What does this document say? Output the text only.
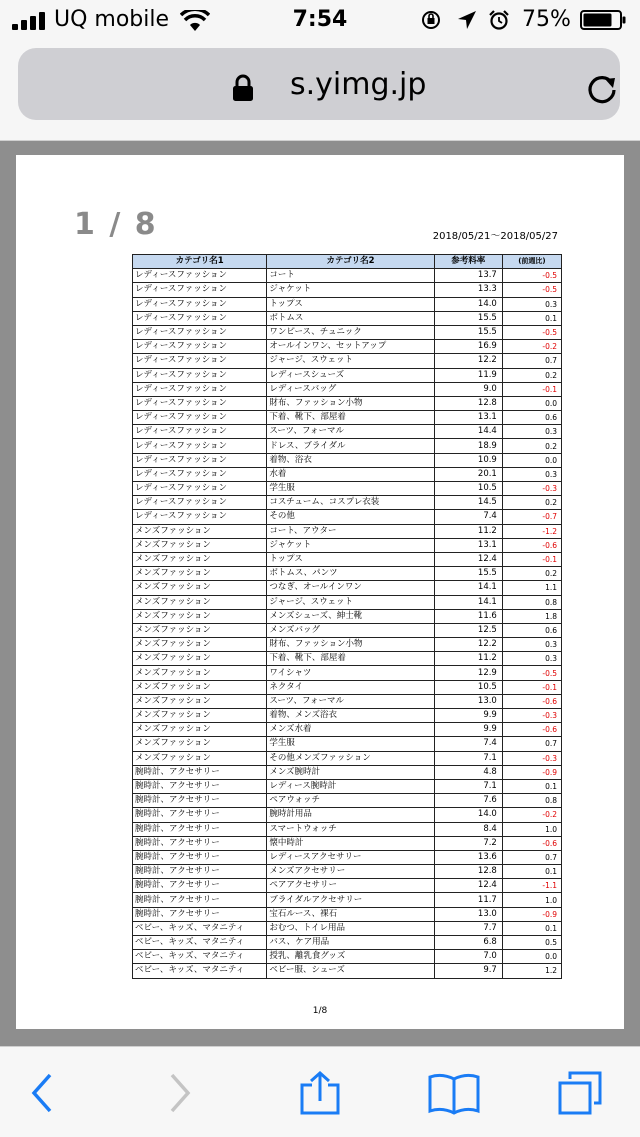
UQ mobile	7:54	75%
s.yimg.jp
1 / 8	2018/05/21～2018/05/27
カテゴリ名1	カテゴリ名2	参考料率	(前週比)
レディースファッション	コート	13.7	-0.5
レディースファッション	ジャケット	13.3	-0.5
レディースファッション	トップス	14.0	0.3
レディースファッション	ボトムス	15.5	0.1
レディースファッション	ワンピース、チュニック	15.5	-0.5
レディースファッション	オールインワン、セットアップ	16.9	-0.2
レディースファッション	ジャージ、スウェット	12.2	0.7
レディースファッション	レディースシューズ	11.9	0.2
レディースファッション	レディースバッグ	9.0	-0.1
レディースファッション	財布、ファッション小物	12.8	0.0
レディースファッション	下着、靴下、部屋着	13.1	0.6
レディースファッション	スーツ、フォーマル	14.4	0.3
レディースファッション	ドレス、ブライダル	18.9	0.2
レディースファッション	着物、浴衣	10.9	0.0
レディースファッション	水着	20.1	0.3
レディースファッション	学生服	10.5	-0.3
レディースファッション	コスチューム、コスプレ衣装	14.5	0.2
レディースファッション	その他	7.4	-0.7
メンズファッション	コート、アウター	11.2	-1.2
メンズファッション	ジャケット	13.1	-0.6
メンズファッション	トップス	12.4	-0.1
メンズファッション	ボトムス、パンツ	15.5	0.2
メンズファッション	つなぎ、オールインワン	14.1	1.1
メンズファッション	ジャージ、スウェット	14.1	0.8
メンズファッション	メンズシューズ、紳士靴	11.6	1.8
メンズファッション	メンズバッグ	12.5	0.6
メンズファッション	財布、ファッション小物	12.2	0.3
メンズファッション	下着、靴下、部屋着	11.2	0.3
メンズファッション	ワイシャツ	12.9	-0.5
メンズファッション	ネクタイ	10.5	-0.1
メンズファッション	スーツ、フォーマル	13.0	-0.6
メンズファッション	着物、メンズ浴衣	9.9	-0.3
メンズファッション	メンズ水着	9.9	-0.6
メンズファッション	学生服	7.4	0.7
メンズファッション	その他メンズファッション	7.1	-0.3
腕時計、アクセサリー	メンズ腕時計	4.8	-0.9
腕時計、アクセサリー	レディース腕時計	7.1	0.1
腕時計、アクセサリー	ペアウォッチ	7.6	0.8
腕時計、アクセサリー	腕時計用品	14.0	-0.2
腕時計、アクセサリー	スマートウォッチ	8.4	1.0
腕時計、アクセサリー	懐中時計	7.2	-0.6
腕時計、アクセサリー	レディースアクセサリー	13.6	0.7
腕時計、アクセサリー	メンズアクセサリー	12.8	0.1
腕時計、アクセサリー	ペアアクセサリー	12.4	-1.1
腕時計、アクセサリー	ブライダルアクセサリー	11.7	1.0
腕時計、アクセサリー	宝石ルース、裸石	13.0	-0.9
ベビー、キッズ、マタニティ	おむつ、トイレ用品	7.7	0.1
ベビー、キッズ、マタニティ	バス、ケア用品	6.8	0.5
ベビー、キッズ、マタニティ	授乳、離乳食グッズ	7.0	0.0
ベビー、キッズ、マタニティ	ベビー服、シューズ	9.7	1.2
1/8
